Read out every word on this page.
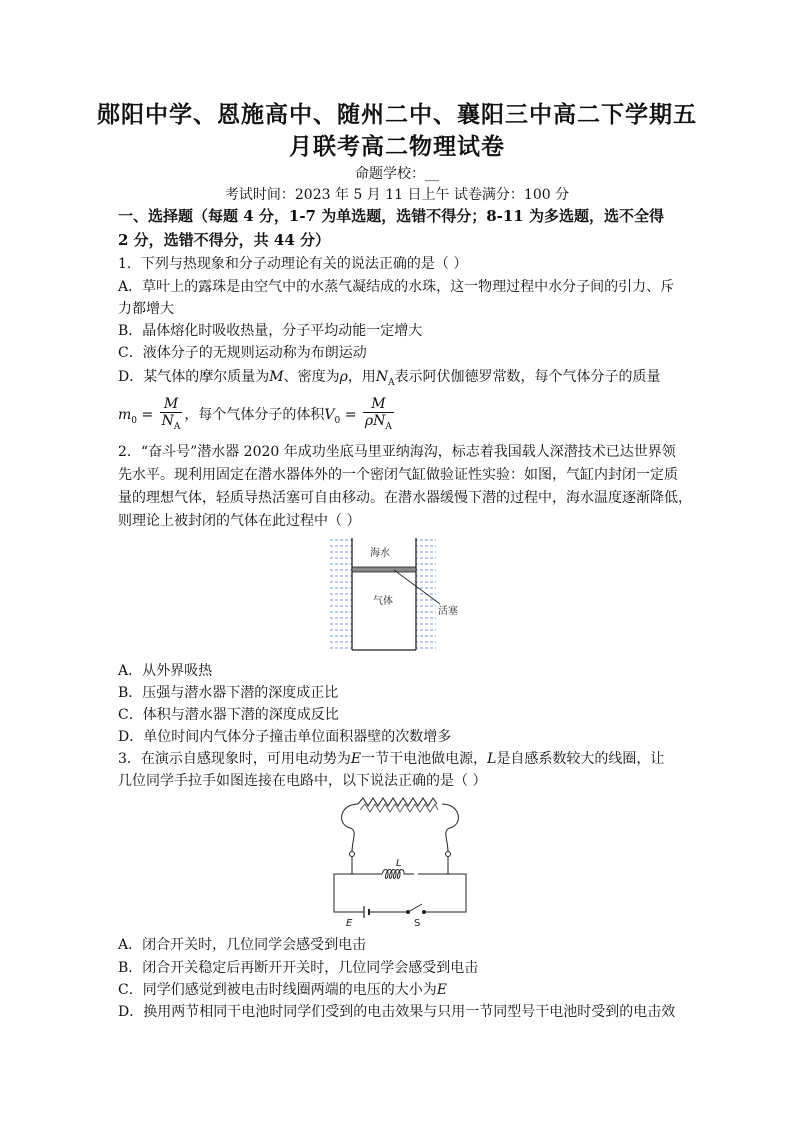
郧阳中学、恩施高中、随州二中、襄阳三中高二下学期五
月联考高二物理试卷
命题学校：__
考试时间：2023 年 5 月 11 日上午 试卷满分：100 分
一、选择题（每题 4 分，1-7 为单选题，选错不得分；8-11 为多选题，选不全得
2 分，选错不得分，共 44 分）
1．下列与热现象和分子动理论有关的说法正确的是（ ）
A．草叶上的露珠是由空气中的水蒸气凝结成的水珠，这一物理过程中水分子间的引力、斥
力都增大
B．晶体熔化时吸收热量，分子平均动能一定增大
C．液体分子的无规则运动称为布朗运动
D．某气体的摩尔质量为M、密度为ρ，用$N_A$表示阿伏伽德罗常数，每个气体分子的质量
$m_0 = \frac{M}{N_A}$ ，每个气体分子的体积$V_0 = \frac{M}{\rho N_A}$
2．“奋斗号”潜水器 2020 年成功坐底马里亚纳海沟，标志着我国载人深潜技术已达世界领
先水平。现利用固定在潜水器体外的一个密闭气缸做验证性实验：如图，气缸内封闭一定质
量的理想气体，轻质导热活塞可自由移动。在潜水器缓慢下潜的过程中，海水温度逐渐降低，
则理论上被封闭的气体在此过程中（ ）
海水
气体
活塞
A．从外界吸热
B．压强与潜水器下潜的深度成正比
C．体积与潜水器下潜的深度成反比
D．单位时间内气体分子撞击单位面积器壁的次数增多
3．在演示自感现象时，可用电动势为E一节干电池做电源，L是自感系数较大的线圈，让
几位同学手拉手如图连接在电路中，以下说法正确的是（ ）
L
E	S
A．闭合开关时，几位同学会感受到电击
B．闭合开关稳定后再断开开关时，几位同学会感受到电击
C．同学们感觉到被电击时线圈两端的电压的大小为E
D．换用两节相同干电池时同学们受到的电击效果与只用一节同型号干电池时受到的电击效
